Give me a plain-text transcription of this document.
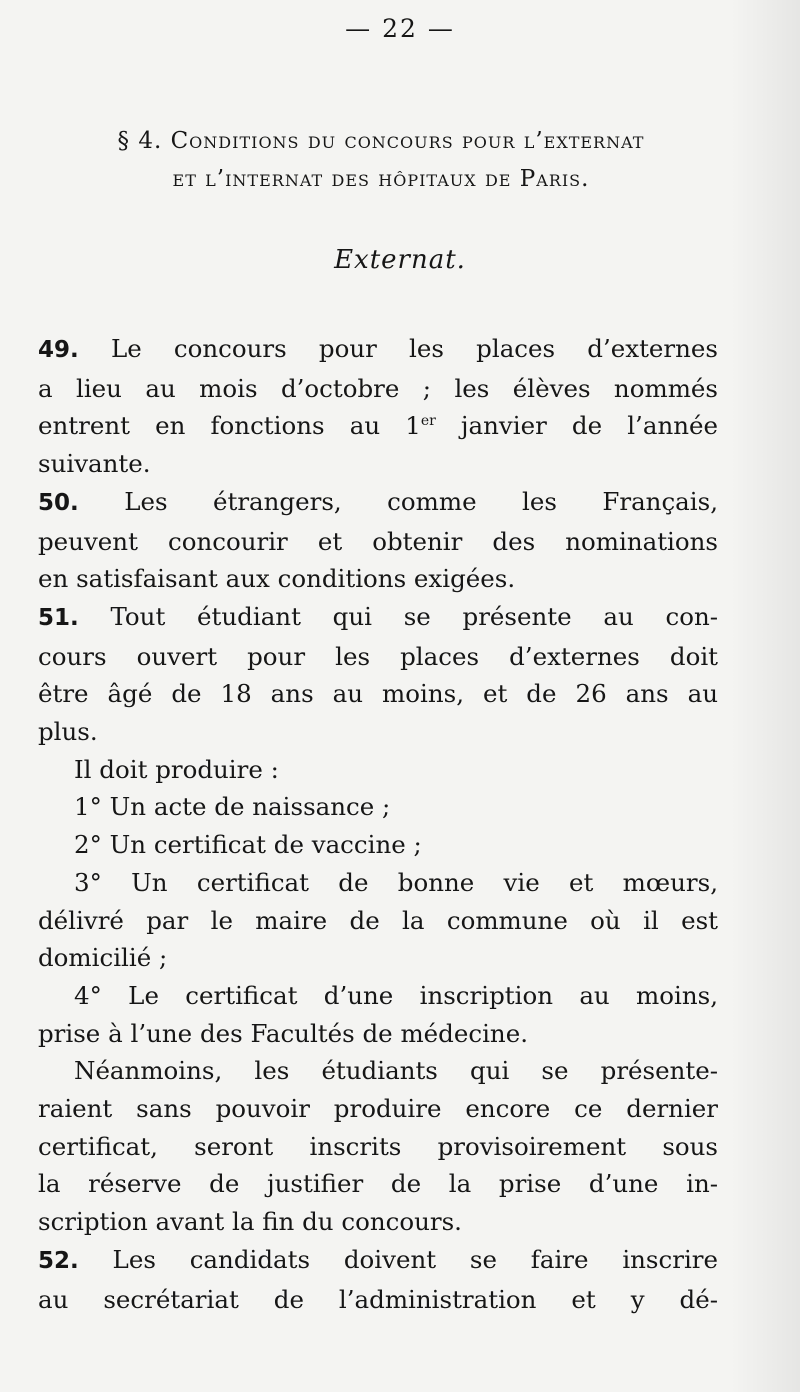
— 22 —
§ 4. Conditions du concours pour l’externat
et l’internat des hôpitaux de Paris.
Externat.
49. Le concours pour les places d’externes
a lieu au mois d’octobre ; les élèves nommés
entrent en fonctions au 1er janvier de l’année
suivante.
50. Les étrangers, comme les Français,
peuvent concourir et obtenir des nominations
en satisfaisant aux conditions exigées.
51. Tout étudiant qui se présente au con-
cours ouvert pour les places d’externes doit
être âgé de 18 ans au moins, et de 26 ans au
plus.
Il doit produire :
1° Un acte de naissance ;
2° Un certificat de vaccine ;
3° Un certificat de bonne vie et mœurs,
délivré par le maire de la commune où il est
domicilié ;
4° Le certificat d’une inscription au moins,
prise à l’une des Facultés de médecine.
Néanmoins, les étudiants qui se présente-
raient sans pouvoir produire encore ce dernier
certificat, seront inscrits provisoirement sous
la réserve de justifier de la prise d’une in-
scription avant la fin du concours.
52. Les candidats doivent se faire inscrire
au secrétariat de l’administration et y dé-
